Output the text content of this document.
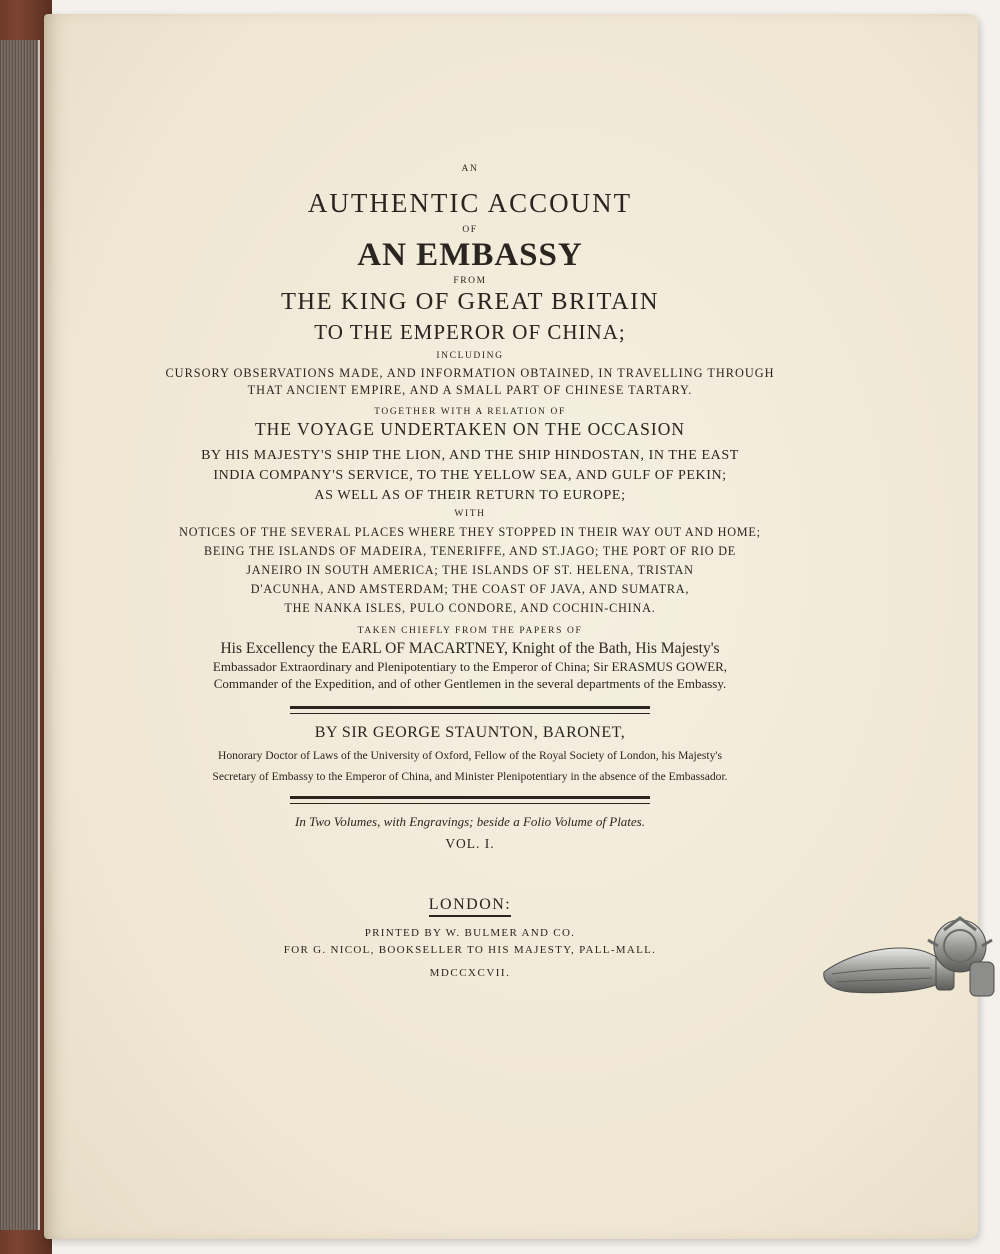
AN
AUTHENTIC ACCOUNT
OF
AN EMBASSY
FROM
THE KING OF GREAT BRITAIN
TO THE EMPEROR OF CHINA;
INCLUDING
CURSORY OBSERVATIONS MADE, AND INFORMATION OBTAINED, IN TRAVELLING THROUGH
THAT ANCIENT EMPIRE, AND A SMALL PART OF CHINESE TARTARY.
TOGETHER WITH A RELATION OF
THE VOYAGE UNDERTAKEN ON THE OCCASION
BY HIS MAJESTY'S SHIP THE LION, AND THE SHIP HINDOSTAN, IN THE EAST
INDIA COMPANY'S SERVICE, TO THE YELLOW SEA, AND GULF OF PEKIN;
AS WELL AS OF THEIR RETURN TO EUROPE;
WITH
NOTICES OF THE SEVERAL PLACES WHERE THEY STOPPED IN THEIR WAY OUT AND HOME;
BEING THE ISLANDS OF MADEIRA, TENERIFFE, AND ST.JAGO; THE PORT OF RIO DE
JANEIRO IN SOUTH AMERICA; THE ISLANDS OF ST. HELENA, TRISTAN
D'ACUNHA, AND AMSTERDAM; THE COAST OF JAVA, AND SUMATRA,
THE NANKA ISLES, PULO CONDORE, AND COCHIN-CHINA.
TAKEN CHIEFLY FROM THE PAPERS OF
His Excellency the EARL OF MACARTNEY, Knight of the Bath, His Majesty's
Embassador Extraordinary and Plenipotentiary to the Emperor of China; Sir ERASMUS GOWER,
Commander of the Expedition, and of other Gentlemen in the several departments of the Embassy.
BY SIR GEORGE STAUNTON, BARONET,
Honorary Doctor of Laws of the University of Oxford, Fellow of the Royal Society of London, his Majesty's
Secretary of Embassy to the Emperor of China, and Minister Plenipotentiary in the absence of the Embassador.
In Two Volumes, with Engravings; beside a Folio Volume of Plates.
VOL. I.
LONDON:
PRINTED BY W. BULMER AND CO.
FOR G. NICOL, BOOKSELLER TO HIS MAJESTY, PALL-MALL.
MDCCXCVII.
